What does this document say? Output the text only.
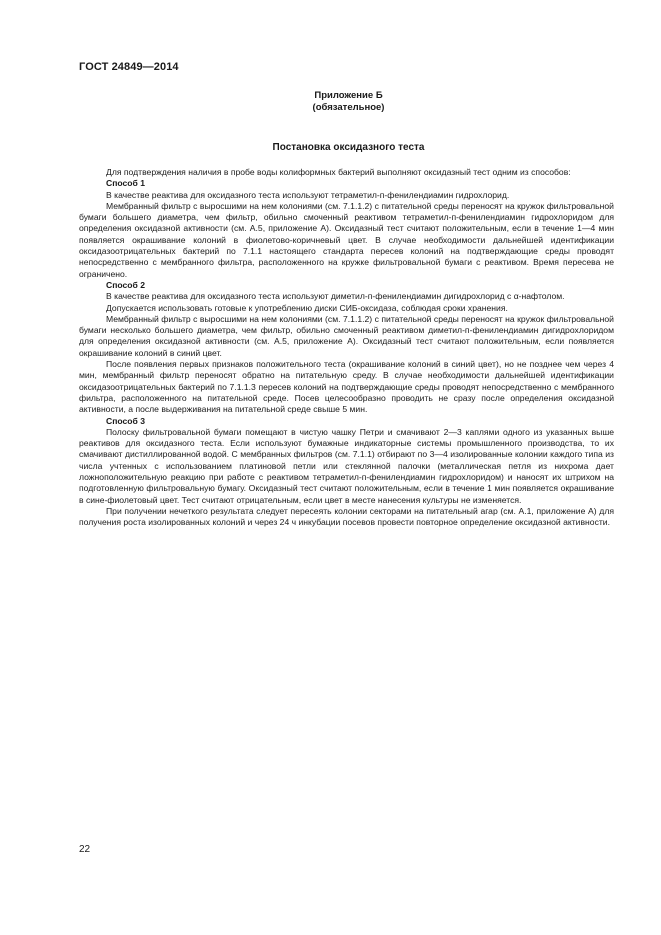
ГОСТ 24849—2014
Приложение Б
(обязательное)
Постановка оксидазного теста

Для подтверждения наличия в пробе воды колиформных бактерий выполняют оксидазный тест одним из способов:

Способ 1

В качестве реактива для оксидазного теста используют тетраметил-п-фенилендиамин гидрохлорид.

Мембранный фильтр с выросшими на нем колониями (см. 7.1.1.2) с питательной среды переносят на кружок фильтровальной бумаги большего диаметра, чем фильтр, обильно смоченный реактивом тетраметил-п-фенилендиамин гидрохлоридом для определения оксидазной активности (см. А.5, приложение А). Оксидазный тест считают положительным, если в течение 1—4 мин появляется окрашивание колоний в фиолетово-коричневый цвет. В случае необходимости дальнейшей идентификации оксидазоотрицательных бактерий по 7.1.1 настоящего стандарта пересев колоний на подтверждающие среды проводят непосредственно с мембранного фильтра, расположенного на кружке фильтровальной бумаги с реактивом. Время пересева не ограничено.

Способ 2

В качестве реактива для оксидазного теста используют диметил-п-фенилендиамин дигидрохлорид с α-нафтолом.

Допускается использовать готовые к употреблению диски СИБ-оксидаза, соблюдая сроки хранения.

Мембранный фильтр с выросшими на нем колониями (см. 7.1.1.2) с питательной среды переносят на кружок фильтровальной бумаги несколько большего диаметра, чем фильтр, обильно смоченный реактивом диметил-п-фенилендиамин дигидрохлоридом для определения оксидазной активности (см. А.5, приложение А). Оксидазный тест считают положительным, если появляется окрашивание колоний в синий цвет.

После появления первых признаков положительного теста (окрашивание колоний в синий цвет), но не позднее чем через 4 мин, мембранный фильтр переносят обратно на питательную среду. В случае необходимости дальнейшей идентификации оксидазоотрицательных бактерий по 7.1.1.3 пересев колоний на подтверждающие среды проводят непосредственно с мембранного фильтра, расположенного на питательной среде. Посев целесообразно проводить не сразу после определения оксидазной активности, а после выдерживания на питательной среде свыше 5 мин.

Способ 3

Полоску фильтровальной бумаги помещают в чистую чашку Петри и смачивают 2—3 каплями одного из указанных выше реактивов для оксидазного теста. Если используют бумажные индикаторные системы промышленного производства, то их смачивают дистиллированной водой. С мембранных фильтров (см. 7.1.1) отбирают по 3—4 изолированные колонии каждого типа из числа учтенных с использованием платиновой петли или стеклянной палочки (металлическая петля из нихрома дает ложноположительную реакцию при работе с реактивом тетраметил-п-фенилендиамин гидрохлоридом) и наносят их штрихом на подготовленную фильтровальную бумагу. Оксидазный тест считают положительным, если в течение 1 мин появляется окрашивание в сине-фиолетовый цвет. Тест считают отрицательным, если цвет в месте нанесения культуры не изменяется.

При получении нечеткого результата следует пересеять колонии секторами на питательный агар (см. А.1, приложение А) для получения роста изолированных колоний и через 24 ч инкубации посевов провести повторное определение оксидазной активности.

22
